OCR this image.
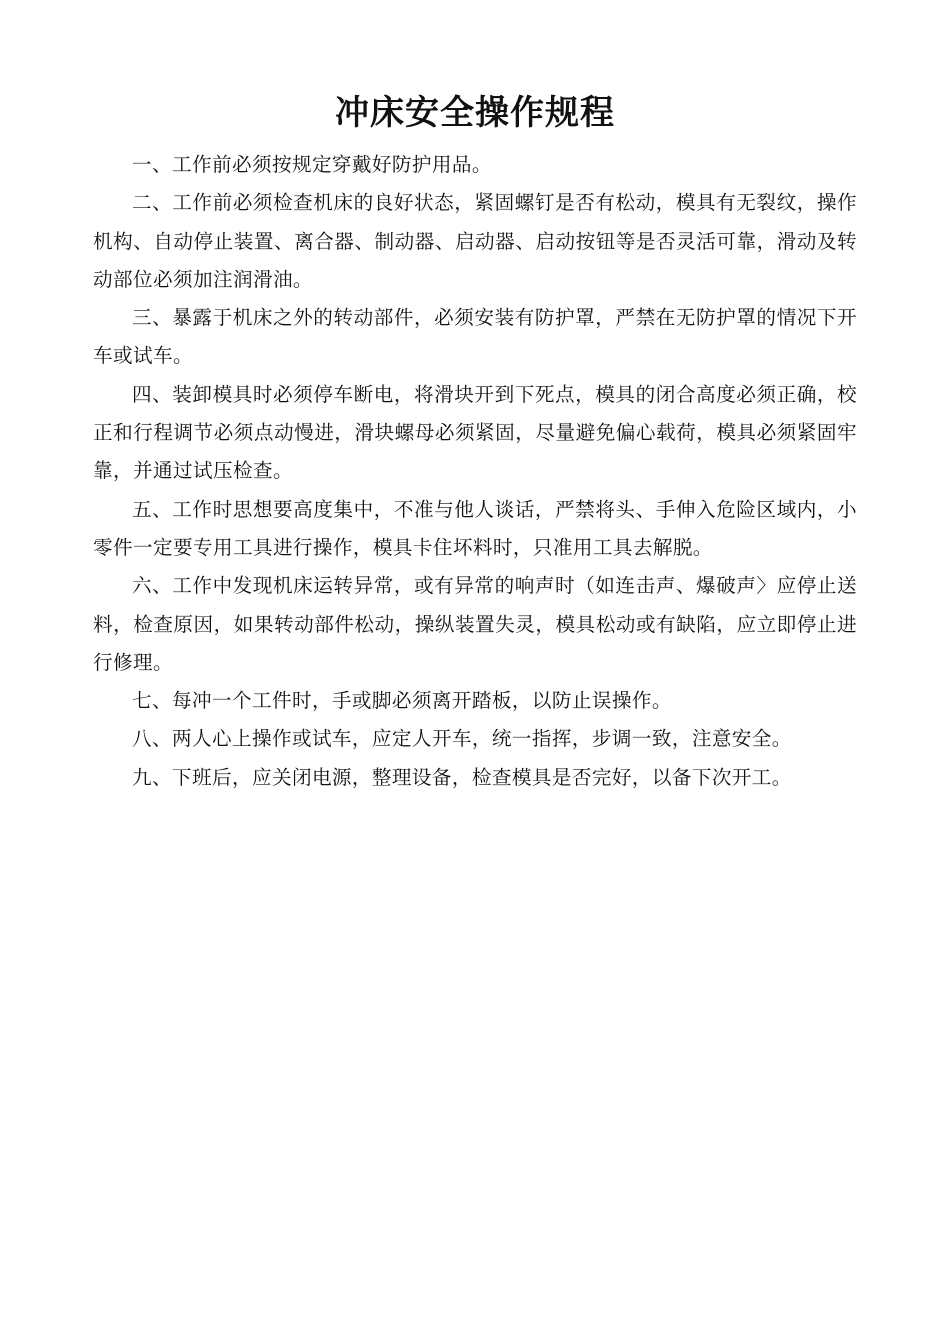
冲床安全操作规程

一、工作前必须按规定穿戴好防护用品。

二、工作前必须检查机床的良好状态，紧固螺钉是否有松动，模具有无裂纹，操作机构、自动停止装置、离合器、制动器、启动器、启动按钮等是否灵活可靠，滑动及转动部位必须加注润滑油。

三、暴露于机床之外的转动部件，必须安装有防护罩，严禁在无防护罩的情况下开车或试车。

四、装卸模具时必须停车断电，将滑块开到下死点，模具的闭合高度必须正确，校正和行程调节必须点动慢进，滑块螺母必须紧固，尽量避免偏心载荷，模具必须紧固牢靠，并通过试压检查。

五、工作时思想要高度集中，不准与他人谈话，严禁将头、手伸入危险区域内，小零件一定要专用工具进行操作，模具卡住坏料时，只准用工具去解脱。

六、工作中发现机床运转异常，或有异常的响声时（如连击声、爆破声〉应停止送料，检查原因，如果转动部件松动，操纵装置失灵，模具松动或有缺陷，应立即停止进行修理。

七、每冲一个工件时，手或脚必须离开踏板，以防止误操作。

八、两人心上操作或试车，应定人开车，统一指挥，步调一致，注意安全。

九、下班后，应关闭电源，整理设备，检查模具是否完好，以备下次开工。
